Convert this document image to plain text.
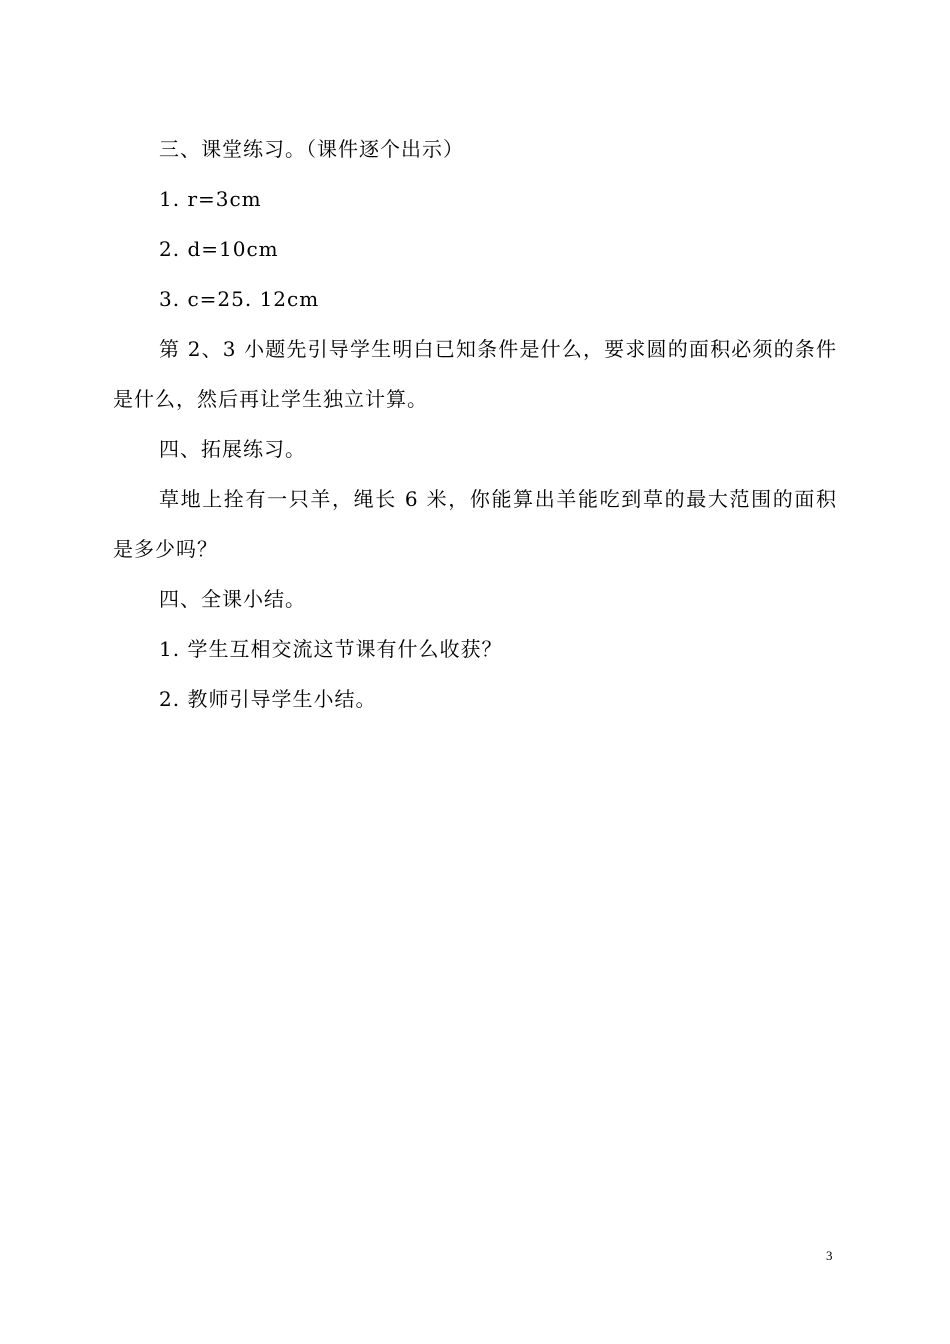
三、课堂练习。（课件逐个出示）

1. r=3cm

2. d=10cm

3. c=25. 12cm

第 2、3 小题先引导学生明白已知条件是什么，要求圆的面积必须的条件是什么，然后再让学生独立计算。

四、拓展练习。

草地上拴有一只羊，绳长 6 米，你能算出羊能吃到草的最大范围的面积是多少吗？

四、全课小结。

1. 学生互相交流这节课有什么收获？

2. 教师引导学生小结。

3
